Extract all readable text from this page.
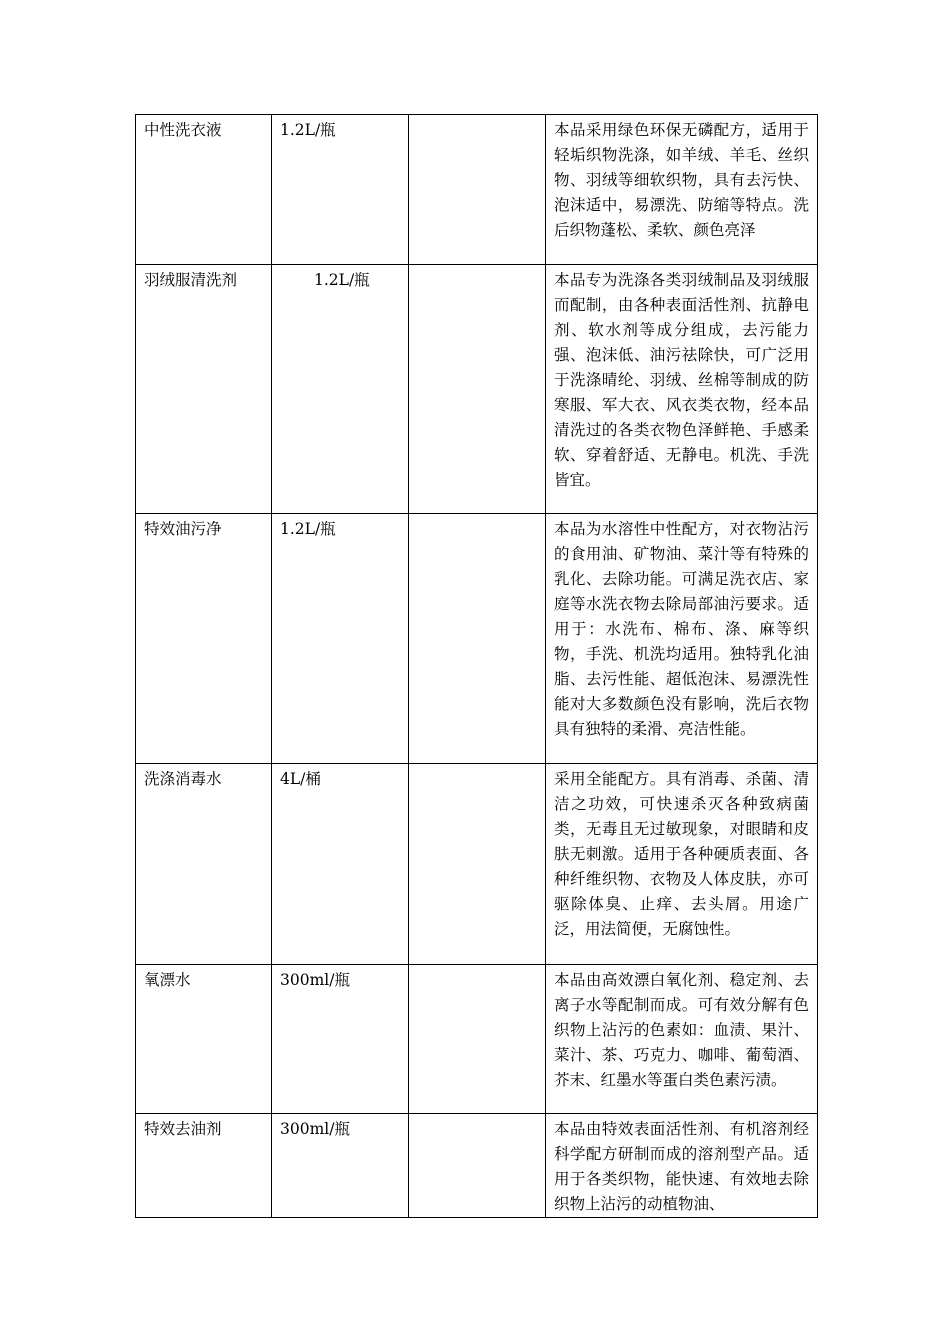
中性洗衣液	1.2L/瓶		本品采用绿色环保无磷配方，适用于轻垢织物洗涤，如羊绒、羊毛、丝织物、羽绒等细软织物，具有去污快、泡沫适中，易漂洗、防缩等特点。洗后织物蓬松、柔软、颜色亮泽
羽绒服清洗剂	1.2L/瓶		本品专为洗涤各类羽绒制品及羽绒服而配制，由各种表面活性剂、抗静电剂、软水剂等成分组成，去污能力强、泡沫低、油污祛除快，可广泛用于洗涤晴纶、羽绒、丝棉等制成的防寒服、军大衣、风衣类衣物，经本品清洗过的各类衣物色泽鲜艳、手感柔软、穿着舒适、无静电。机洗、手洗皆宜。
特效油污净	1.2L/瓶		本品为水溶性中性配方，对衣物沾污的食用油、矿物油、菜汁等有特殊的乳化、去除功能。可满足洗衣店、家庭等水洗衣物去除局部油污要求。适用于：水洗布、棉布、涤、麻等织物，手洗、机洗均适用。独特乳化油脂、去污性能、超低泡沫、易漂洗性能对大多数颜色没有影响，洗后衣物具有独特的柔滑、亮洁性能。
洗涤消毒水	4L/桶		采用全能配方。具有消毒、杀菌、清洁之功效，可快速杀灭各种致病菌类，无毒且无过敏现象，对眼睛和皮肤无刺激。适用于各种硬质表面、各种纤维织物、衣物及人体皮肤，亦可驱除体臭、止痒、去头屑。用途广泛，用法简便，无腐蚀性。
氧漂水	300ml/瓶		本品由高效漂白氧化剂、稳定剂、去离子水等配制而成。可有效分解有色织物上沾污的色素如：血渍、果汁、菜汁、茶、巧克力、咖啡、葡萄酒、芥末、红墨水等蛋白类色素污渍。
特效去油剂	300ml/瓶		本品由特效表面活性剂、有机溶剂经科学配方研制而成的溶剂型产品。适用于各类织物，能快速、有效地去除织物上沾污的动植物油、
